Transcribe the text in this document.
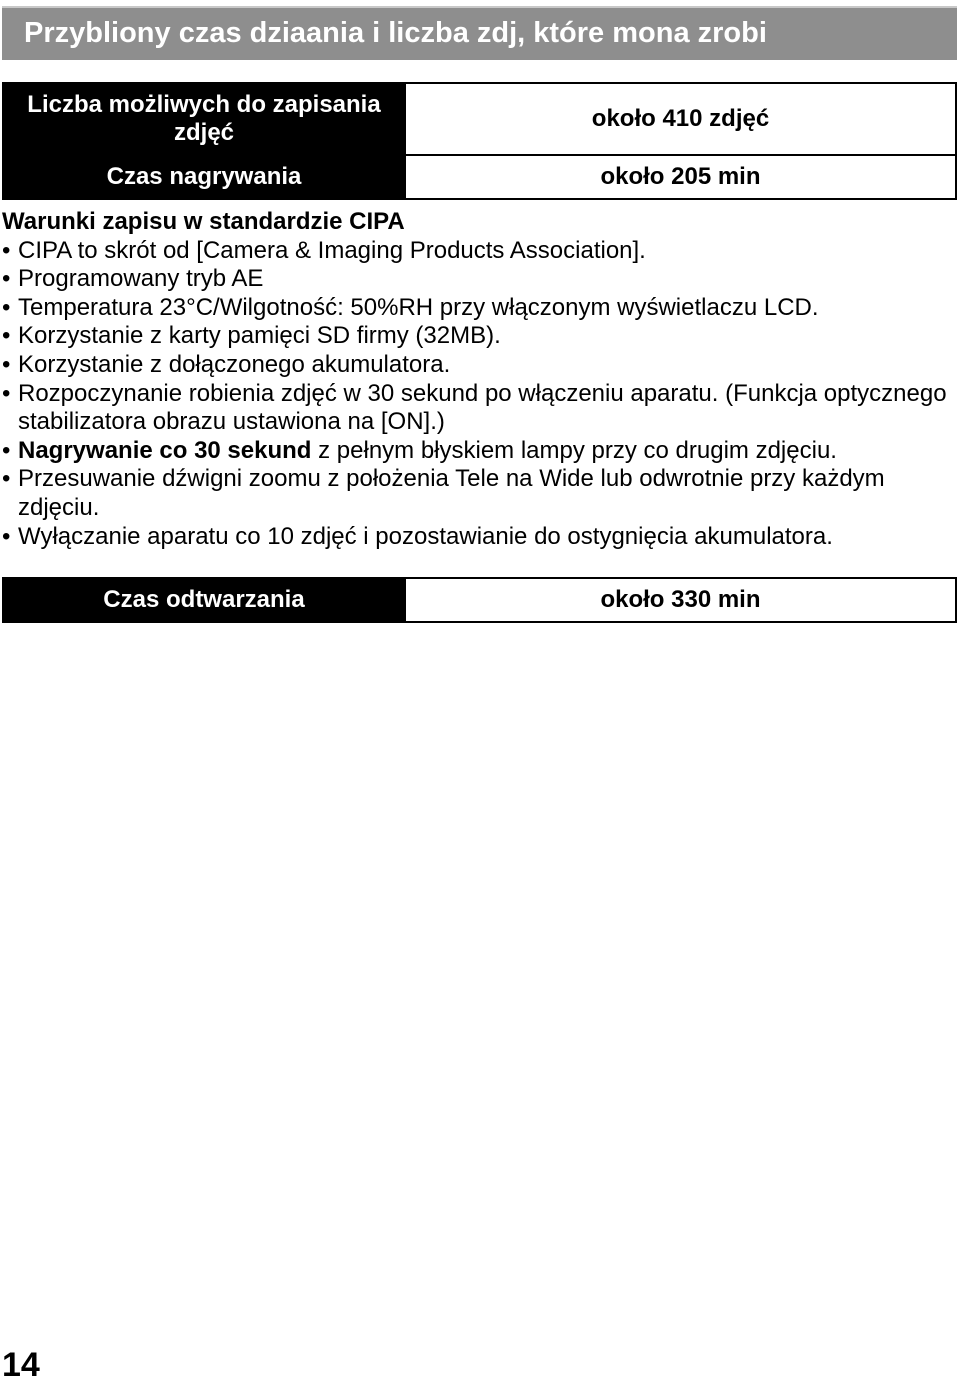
Przybliony czas dziaania i liczba zdj, które mona zrobi
Liczba możliwych do zapisania zdjęć	około 410 zdjęć
Czas nagrywania	około 205 min

Warunki zapisu w standardzie CIPA

• CIPA to skrót od [Camera & Imaging Products Association].
• Programowany tryb AE
• Temperatura 23°C/Wilgotność: 50%RH przy włączonym wyświetlaczu LCD.
• Korzystanie z karty pamięci SD firmy (32MB).
• Korzystanie z dołączonego akumulatora.
• Rozpoczynanie robienia zdjęć w 30 sekund po włączeniu aparatu. (Funkcja optycznego stabilizatora obrazu ustawiona na [ON].)
• Nagrywanie co 30 sekund z pełnym błyskiem lampy przy co drugim zdjęciu.
• Przesuwanie dźwigni zoomu z położenia Tele na Wide lub odwrotnie przy każdym zdjęciu.
• Wyłączanie aparatu co 10 zdjęć i pozostawianie do ostygnięcia akumulatora.
Czas odtwarzania	około 330 min
14
